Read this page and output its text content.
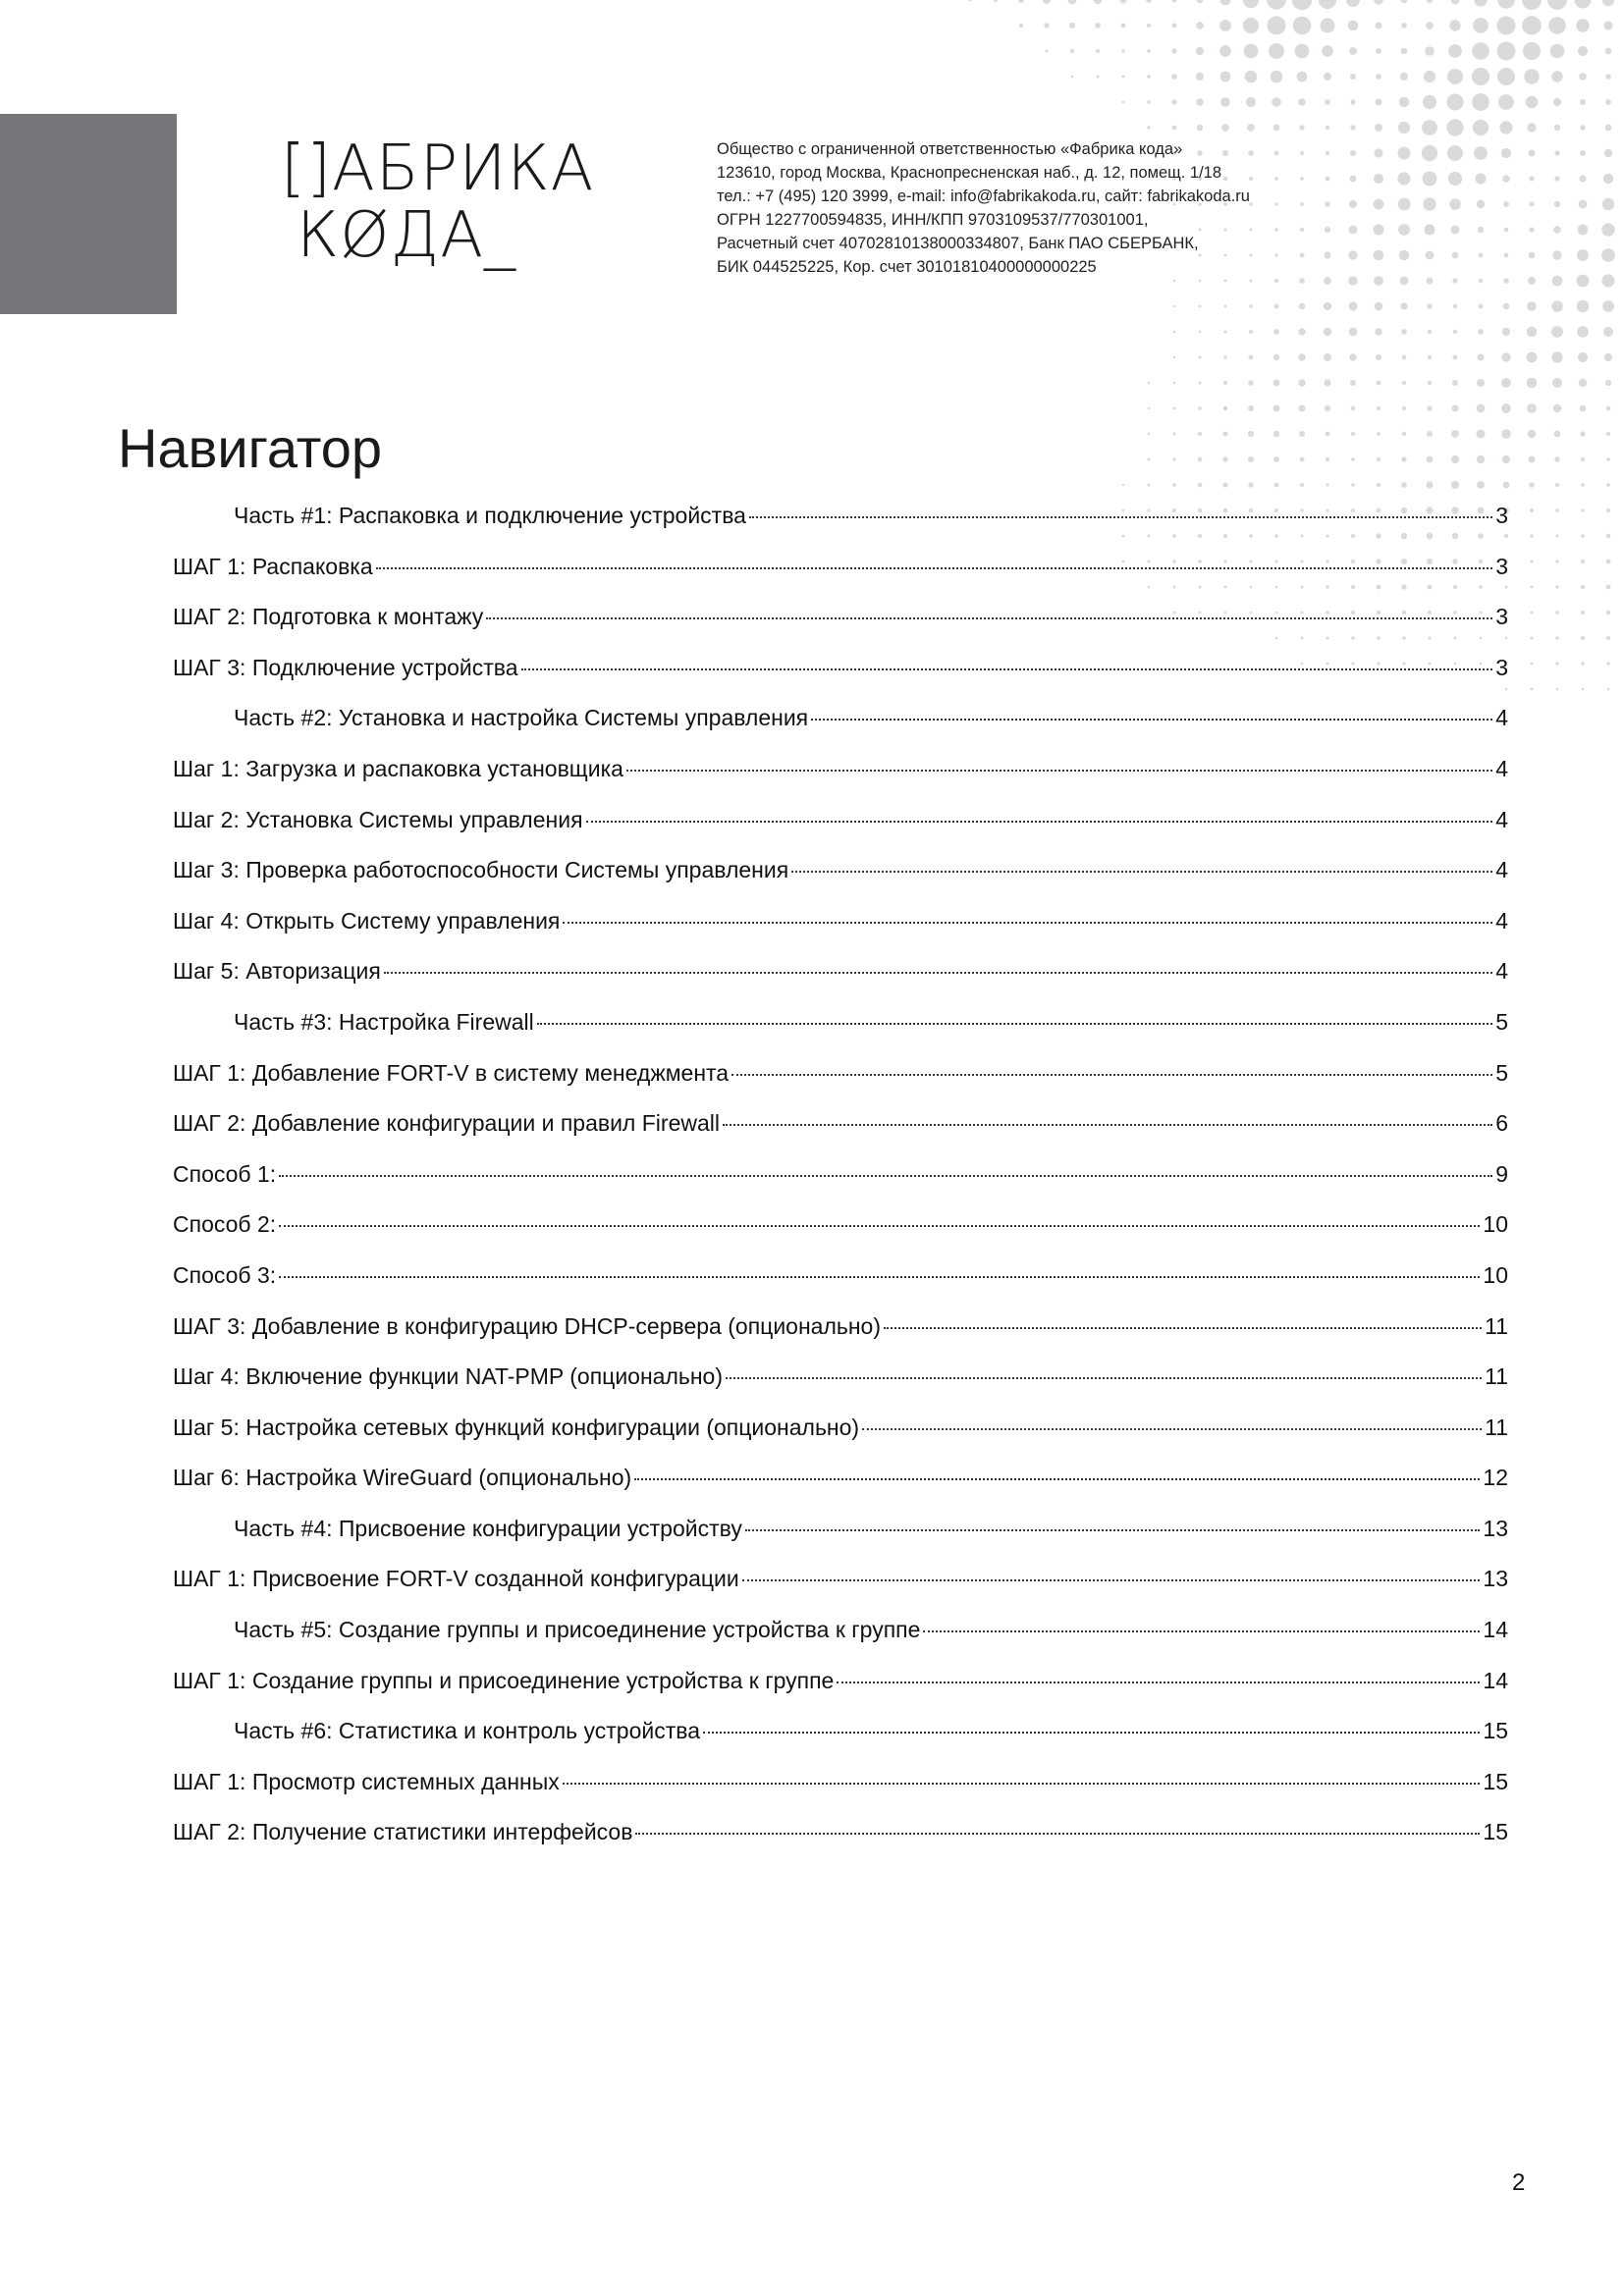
[]АБРИКА
КØДА_
Общество с ограниченной ответственностью «Фабрика кода»
123610, город Москва, Краснопресненская наб., д. 12, помещ. 1/18
тел.: +7 (495) 120 3999, e-mail: info@fabrikakoda.ru, сайт: fabrikakoda.ru
ОГРН 1227700594835, ИНН/КПП 9703109537/770301001,
Расчетный счет 40702810138000334807, Банк ПАО СБЕРБАНК,
БИК 044525225, Кор. счет 30101810400000000225
Навигатор
Часть #1: Распаковка и подключение устройства	3
ШАГ 1: Распаковка	3
ШАГ 2: Подготовка к монтажу	3
ШАГ 3: Подключение устройства	3
Часть #2: Установка и настройка Системы управления	4
Шаг 1: Загрузка и распаковка установщика	4
Шаг 2: Установка Системы управления	4
Шаг 3: Проверка работоспособности Системы управления	4
Шаг 4: Открыть Систему управления	4
Шаг 5: Авторизация	4
Часть #3: Настройка Firewall	5
ШАГ 1: Добавление FORT-V в систему менеджмента	5
ШАГ 2: Добавление конфигурации и правил Firewall	6
Способ 1:	9
Способ 2:	10
Способ 3:	10
ШАГ 3: Добавление в конфигурацию DHCP-сервера (опционально)	11
Шаг 4: Включение функции NAT-PMP (опционально)	11
Шаг 5: Настройка сетевых функций конфигурации (опционально)	11
Шаг 6: Настройка WireGuard (опционально)	12
Часть #4: Присвоение конфигурации устройству	13
ШАГ 1: Присвоение FORT-V созданной конфигурации	13
Часть #5: Создание группы и присоединение устройства к группе	14
ШАГ 1: Создание группы и присоединение устройства к группе	14
Часть #6: Статистика и контроль устройства	15
ШАГ 1: Просмотр системных данных	15
ШАГ 2: Получение статистики интерфейсов	15
2
